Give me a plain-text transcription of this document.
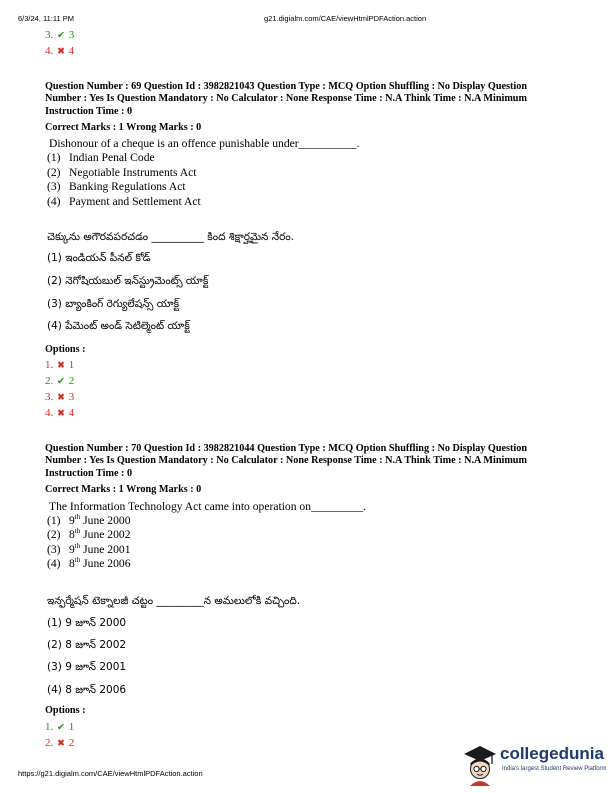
6/3/24, 11:11 PM	g21.digialm.com/CAE/viewHtmlPDFAction.action
3. ✔ 3
4. ✖ 4
Question Number : 69 Question Id : 3982821043 Question Type : MCQ Option Shuffling : No Display Question
Number : Yes Is Question Mandatory : No Calculator : None Response Time : N.A Think Time : N.A Minimum
Instruction Time : 0
Correct Marks : 1 Wrong Marks : 0
Dishonour of a cheque is an offence punishable under__________.
(1) Indian Penal Code
(2) Negotiable Instruments Act
(3) Banking Regulations Act
(4) Payment and Settlement Act
చెక్కును అగౌరవపరచడం __________ కింద శిక్షార్హమైన నేరం.
(1) ఇండియన్ పీనల్ కోడ్
(2) నెగోషియబుల్ ఇన్‌స్ట్రుమెంట్స్ యాక్ట్
(3) బ్యాంకింగ్ రెగ్యులేషన్స్ యాక్ట్
(4) పేమెంట్ అండ్ సెటిల్మెంట్ యాక్ట్
Options :
1. ✖ 1
2. ✔ 2
3. ✖ 3
4. ✖ 4
Question Number : 70 Question Id : 3982821044 Question Type : MCQ Option Shuffling : No Display Question
Number : Yes Is Question Mandatory : No Calculator : None Response Time : N.A Think Time : N.A Minimum
Instruction Time : 0
Correct Marks : 1 Wrong Marks : 0
The Information Technology Act came into operation on_________.
(1) 9th June 2000
(2) 8th June 2002
(3) 9th June 2001
(4) 8th June 2006
ఇన్ఫర్మేషన్ టెక్నాలజీ చట్టం _________న అమలులోకి వచ్చింది.
(1) 9 జూన్ 2000
(2) 8 జూన్ 2002
(3) 9 జూన్ 2001
(4) 8 జూన్ 2006
Options :
1. ✔ 1
2. ✖ 2
https://g21.digialm.com/CAE/viewHtmlPDFAction.action
collegedunia
India's largest Student Review Platform
